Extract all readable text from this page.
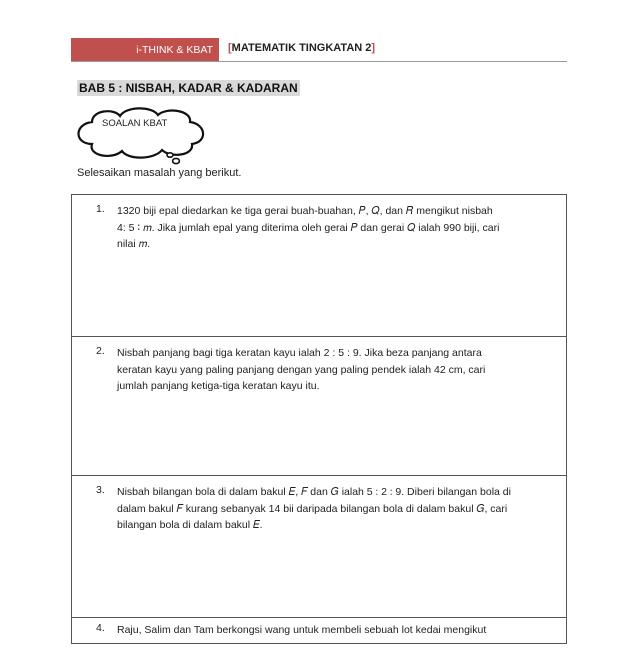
i-THINK & KBAT	[MATEMATIK TINGKATAN 2]
BAB 5 : NISBAH, KADAR & KADARAN
SOALAN KBAT
Selesaikan masalah yang berikut.
1. 1320 biji epal diedarkan ke tiga gerai buah-buahan, 𝑃, 𝑄, dan 𝑅 mengikut nisbah
4: 5 ∶ 𝑚. Jika jumlah epal yang diterima oleh gerai 𝑃 dan gerai 𝑄 ialah 990 biji, cari
nilai 𝑚.
2. Nisbah panjang bagi tiga keratan kayu ialah 2 : 5 : 9. Jika beza panjang antara
keratan kayu yang paling panjang dengan yang paling pendek ialah 42 cm, cari
jumlah panjang ketiga-tiga keratan kayu itu.
3. Nisbah bilangan bola di dalam bakul 𝐸, 𝐹 dan 𝐺 ialah 5 ∶ 2 ∶ 9. Diberi bilangan bola di
dalam bakul 𝐹 kurang sebanyak 14 bii daripada bilangan bola di dalam bakul 𝐺, cari
bilangan bola di dalam bakul 𝐸.
4. Raju, Salim dan Tam berkongsi wang untuk membeli sebuah lot kedai mengikut
